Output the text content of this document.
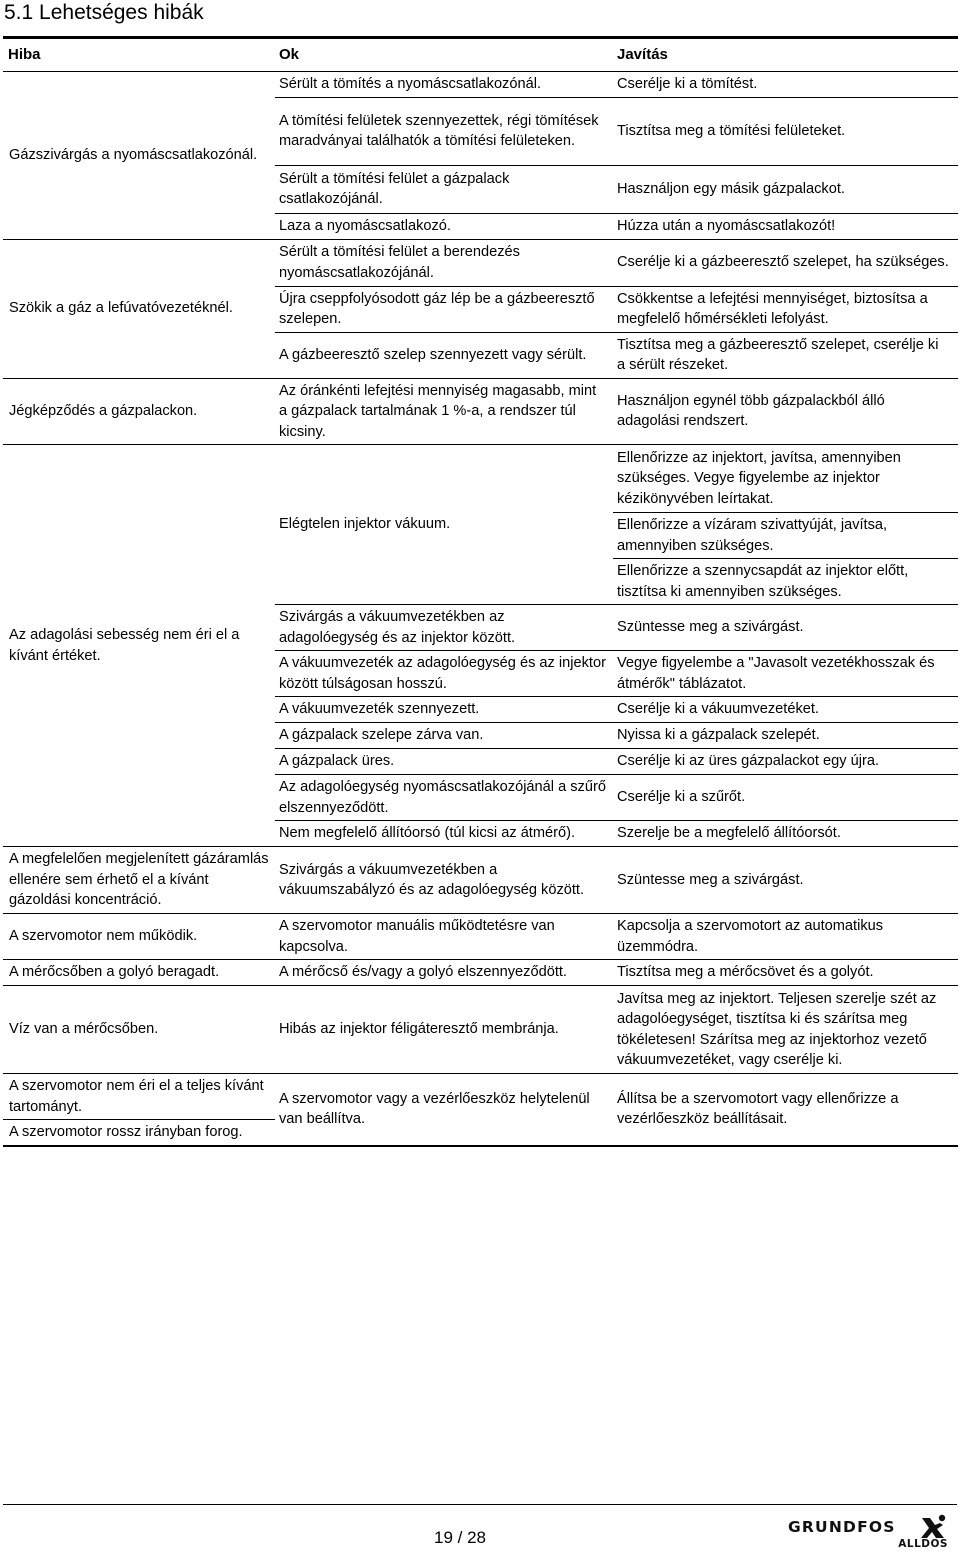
5.1 Lehetséges hibák
Hiba	Ok	Javítás
Gázszivárgás a nyomáscsatlakozónál.	Sérült a tömítés a nyomáscsatlakozónál.	Cserélje ki a tömítést.
	A tömítési felületek szennyezettek, régi tömítések maradványai találhatók a tömítési felületeken.	Tisztítsa meg a tömítési felületeket.
	Sérült a tömítési felület a gázpalack csatlakozójánál.	Használjon egy másik gázpalackot.
	Laza a nyomáscsatlakozó.	Húzza után a nyomáscsatlakozót!
Szökik a gáz a lefúvatóvezetéknél.	Sérült a tömítési felület a berendezés nyomáscsatlakozójánál.	Cserélje ki a gázbeeresztő szelepet, ha szükséges.
	Újra cseppfolyósodott gáz lép be a gázbeeresztő szelepen.	Csökkentse a lefejtési mennyiséget, biztosítsa a megfelelő hőmérsékleti lefolyást.
	A gázbeeresztő szelep szennyezett vagy sérült.	Tisztítsa meg a gázbeeresztő szelepet, cserélje ki a sérült részeket.
Jégképződés a gázpalackon.	Az óránkénti lefejtési mennyiség magasabb, mint a gázpalack tartalmának 1 %-a, a rendszer túl kicsiny.	Használjon egynél több gázpalackból álló adagolási rendszert.
Az adagolási sebesség nem éri el a kívánt értéket.	Elégtelen injektor vákuum.	Ellenőrizze az injektort, javítsa, amennyiben szükséges. Vegye figyelembe az injektor kézikönyvében leírtakat.
		Ellenőrizze a vízáram szivattyúját, javítsa, amennyiben szükséges.
		Ellenőrizze a szennycsapdát az injektor előtt, tisztítsa ki amennyiben szükséges.
	Szivárgás a vákuumvezetékben az adagolóegység és az injektor között.	Szüntesse meg a szivárgást.
	A vákuumvezeték az adagolóegység és az injektor között túlságosan hosszú.	Vegye figyelembe a "Javasolt vezetékhosszak és átmérők" táblázatot.
	A vákuumvezeték szennyezett.	Cserélje ki a vákuumvezetéket.
	A gázpalack szelepe zárva van.	Nyissa ki a gázpalack szelepét.
	A gázpalack üres.	Cserélje ki az üres gázpalackot egy újra.
	Az adagolóegység nyomáscsatlakozójánál a szűrő elszennyeződött.	Cserélje ki a szűrőt.
	Nem megfelelő állítóorsó (túl kicsi az átmérő).	Szerelje be a megfelelő állítóorsót.
A megfelelően megjelenített gázáramlás ellenére sem érhető el a kívánt gázoldási koncentráció.	Szivárgás a vákuumvezetékben a vákuumszabályzó és az adagolóegység között.	Szüntesse meg a szivárgást.
A szervomotor nem működik.	A szervomotor manuális működtetésre van kapcsolva.	Kapcsolja a szervomotort az automatikus üzemmódra.
A mérőcsőben a golyó beragadt.	A mérőcső és/vagy a golyó elszennyeződött.	Tisztítsa meg a mérőcsövet és a golyót.
Víz van a mérőcsőben.	Hibás az injektor féligáteresztő membránja.	Javítsa meg az injektort. Teljesen szerelje szét az adagolóegységet, tisztítsa ki és szárítsa meg tökéletesen! Szárítsa meg az injektorhoz vezető vákuumvezetéket, vagy cserélje ki.
A szervomotor nem éri el a teljes kívánt tartományt.	A szervomotor vagy a vezérlőeszköz helytelenül van beállítva.	Állítsa be a szervomotort vagy ellenőrizze a vezérlőeszköz beállításait.
A szervomotor rossz irányban forog.		
19 / 28
GRUNDFOS
ALLDOS
